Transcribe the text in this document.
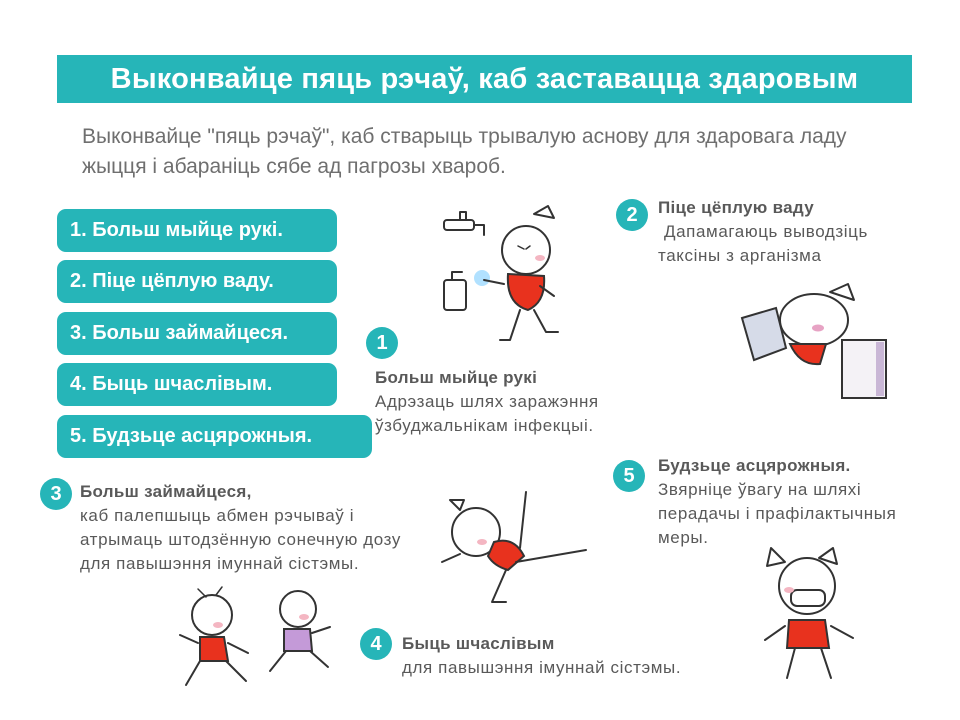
Выконвайце пяць рэчаў, каб заставацца здаровым
Выконвайце "пяць рэчаў", каб стварыць трывалую аснову для здаровага ладу жыцця і абараніць сябе ад пагрозы хвароб.
1. Больш мыйце рукі.
2. Піце цёплую ваду.
3. Больш займайцеся.
4. Быць шчаслівым.
5. Будзьце асцярожныя.
1
Больш мыйце рукі
Адрэзаць шлях заражэння ўзбуджальнікам інфекцыі.
2	Піце цёплую ваду
Дапамагаюць выводзіць таксіны з арганізма
3	Больш займайцеся,
каб палепшыць абмен рэчываў і атрымаць штодзённую сонечную дозу для павышэння імуннай сістэмы.
4	Быць шчаслівым
для павышэння імуннай сістэмы.
5	Будзьце асцярожныя.
Звярніце ўвагу на шляхі перадачы і прафілактычныя меры.
